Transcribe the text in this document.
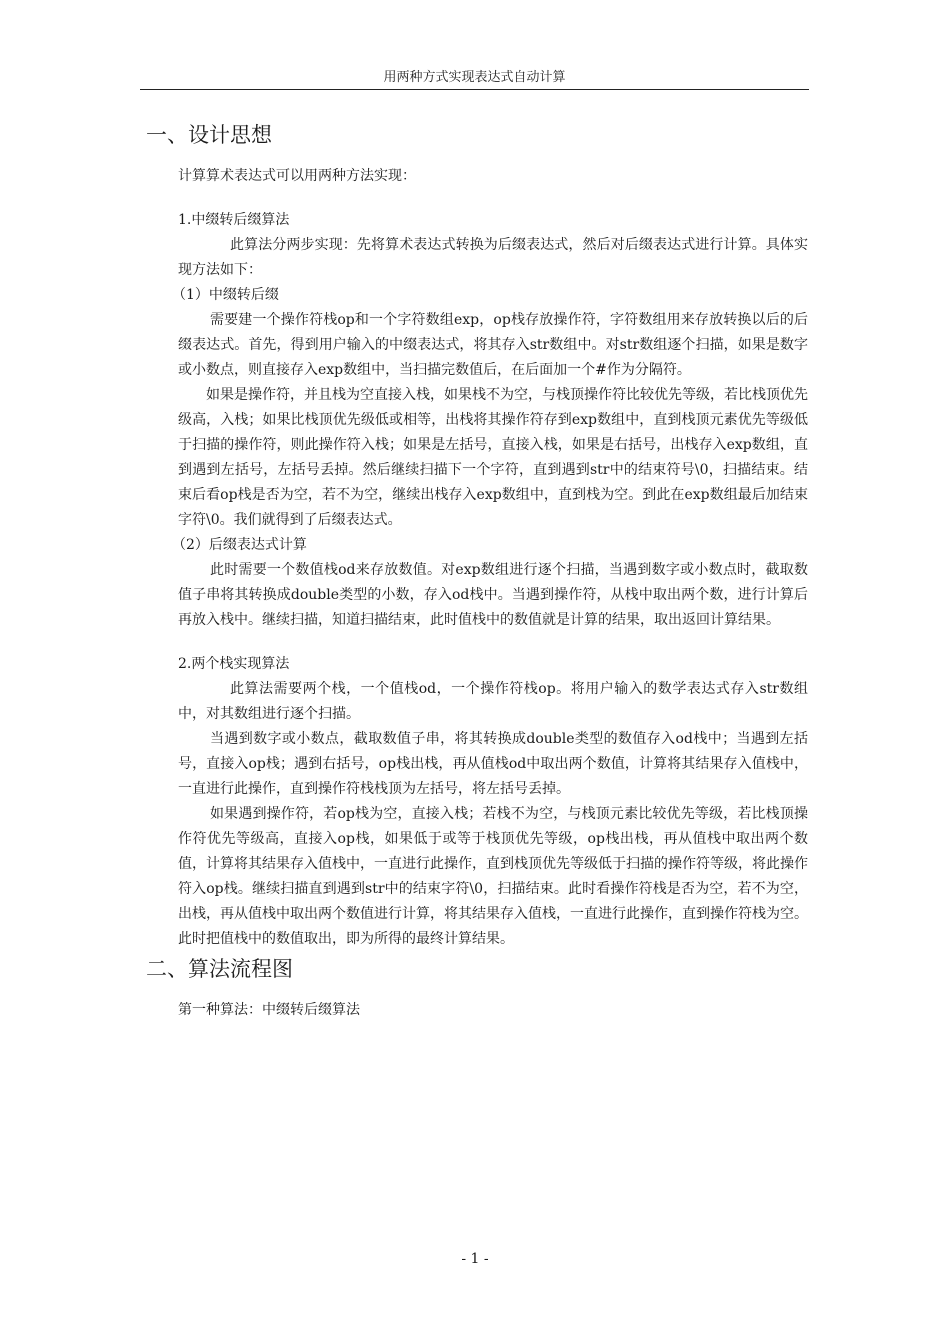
用两种方式实现表达式自动计算
一、设计思想

计算算术表达式可以用两种方法实现：

1.中缀转后缀算法

此算法分两步实现：先将算术表达式转换为后缀表达式，然后对后缀表达式进行计算。具体实现方法如下：

（1）中缀转后缀

需要建一个操作符栈op和一个字符数组exp，op栈存放操作符，字符数组用来存放转换以后的后缀表达式。首先，得到用户输入的中缀表达式，将其存入str数组中。对str数组逐个扫描，如果是数字或小数点，则直接存入exp数组中，当扫描完数值后，在后面加一个#作为分隔符。

如果是操作符，并且栈为空直接入栈，如果栈不为空，与栈顶操作符比较优先等级，若比栈顶优先级高，入栈；如果比栈顶优先级低或相等，出栈将其操作符存到exp数组中，直到栈顶元素优先等级低于扫描的操作符，则此操作符入栈；如果是左括号，直接入栈，如果是右括号，出栈存入exp数组，直到遇到左括号，左括号丢掉。然后继续扫描下一个字符，直到遇到str中的结束符号\0，扫描结束。结束后看op栈是否为空，若不为空，继续出栈存入exp数组中，直到栈为空。到此在exp数组最后加结束字符\0。我们就得到了后缀表达式。

（2）后缀表达式计算

此时需要一个数值栈od来存放数值。对exp数组进行逐个扫描，当遇到数字或小数点时，截取数值子串将其转换成double类型的小数，存入od栈中。当遇到操作符，从栈中取出两个数，进行计算后再放入栈中。继续扫描，知道扫描结束，此时值栈中的数值就是计算的结果，取出返回计算结果。

2.两个栈实现算法

此算法需要两个栈，一个值栈od，一个操作符栈op。将用户输入的数学表达式存入str数组中，对其数组进行逐个扫描。

当遇到数字或小数点，截取数值子串，将其转换成double类型的数值存入od栈中；当遇到左括号，直接入op栈；遇到右括号，op栈出栈，再从值栈od中取出两个数值，计算将其结果存入值栈中，一直进行此操作，直到操作符栈栈顶为左括号，将左括号丢掉。

如果遇到操作符，若op栈为空，直接入栈；若栈不为空，与栈顶元素比较优先等级，若比栈顶操作符优先等级高，直接入op栈，如果低于或等于栈顶优先等级，op栈出栈，再从值栈中取出两个数值，计算将其结果存入值栈中，一直进行此操作，直到栈顶优先等级低于扫描的操作符等级，将此操作符入op栈。继续扫描直到遇到str中的结束字符\0，扫描结束。此时看操作符栈是否为空，若不为空，出栈，再从值栈中取出两个数值进行计算，将其结果存入值栈，一直进行此操作，直到操作符栈为空。此时把值栈中的数值取出，即为所得的最终计算结果。

二、算法流程图

第一种算法：中缀转后缀算法

- 1 -
